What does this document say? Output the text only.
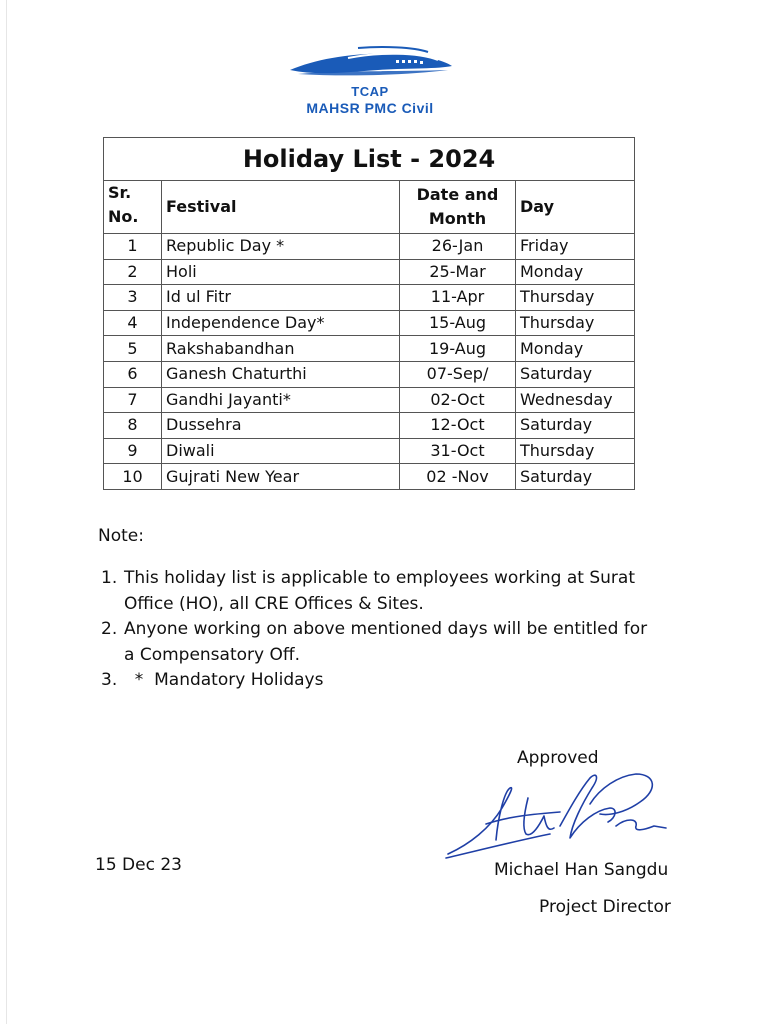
TCAP
MAHSR PMC Civil
Holiday List - 2024			
Sr. No.	Festival	Date and Month	Day
1	Republic Day *	26-Jan	Friday
2	Holi	25-Mar	Monday
3	Id ul Fitr	11-Apr	Thursday
4	Independence Day*	15-Aug	Thursday
5	Rakshabandhan	19-Aug	Monday
6	Ganesh Chaturthi	07-Sep/	Saturday
7	Gandhi Jayanti*	02-Oct	Wednesday
8	Dussehra	12-Oct	Saturday
9	Diwali	31-Oct	Thursday
10	Gujrati New Year	02 -Nov	Saturday
Note:
1. This holiday list is applicable to employees working at Surat
Office (HO), all CRE Offices & Sites.
2. Anyone working on above mentioned days will be entitled for
a Compensatory Off.
3. *  Mandatory Holidays
Approved
15 Dec 23	Michael Han Sangdu
Project Director
